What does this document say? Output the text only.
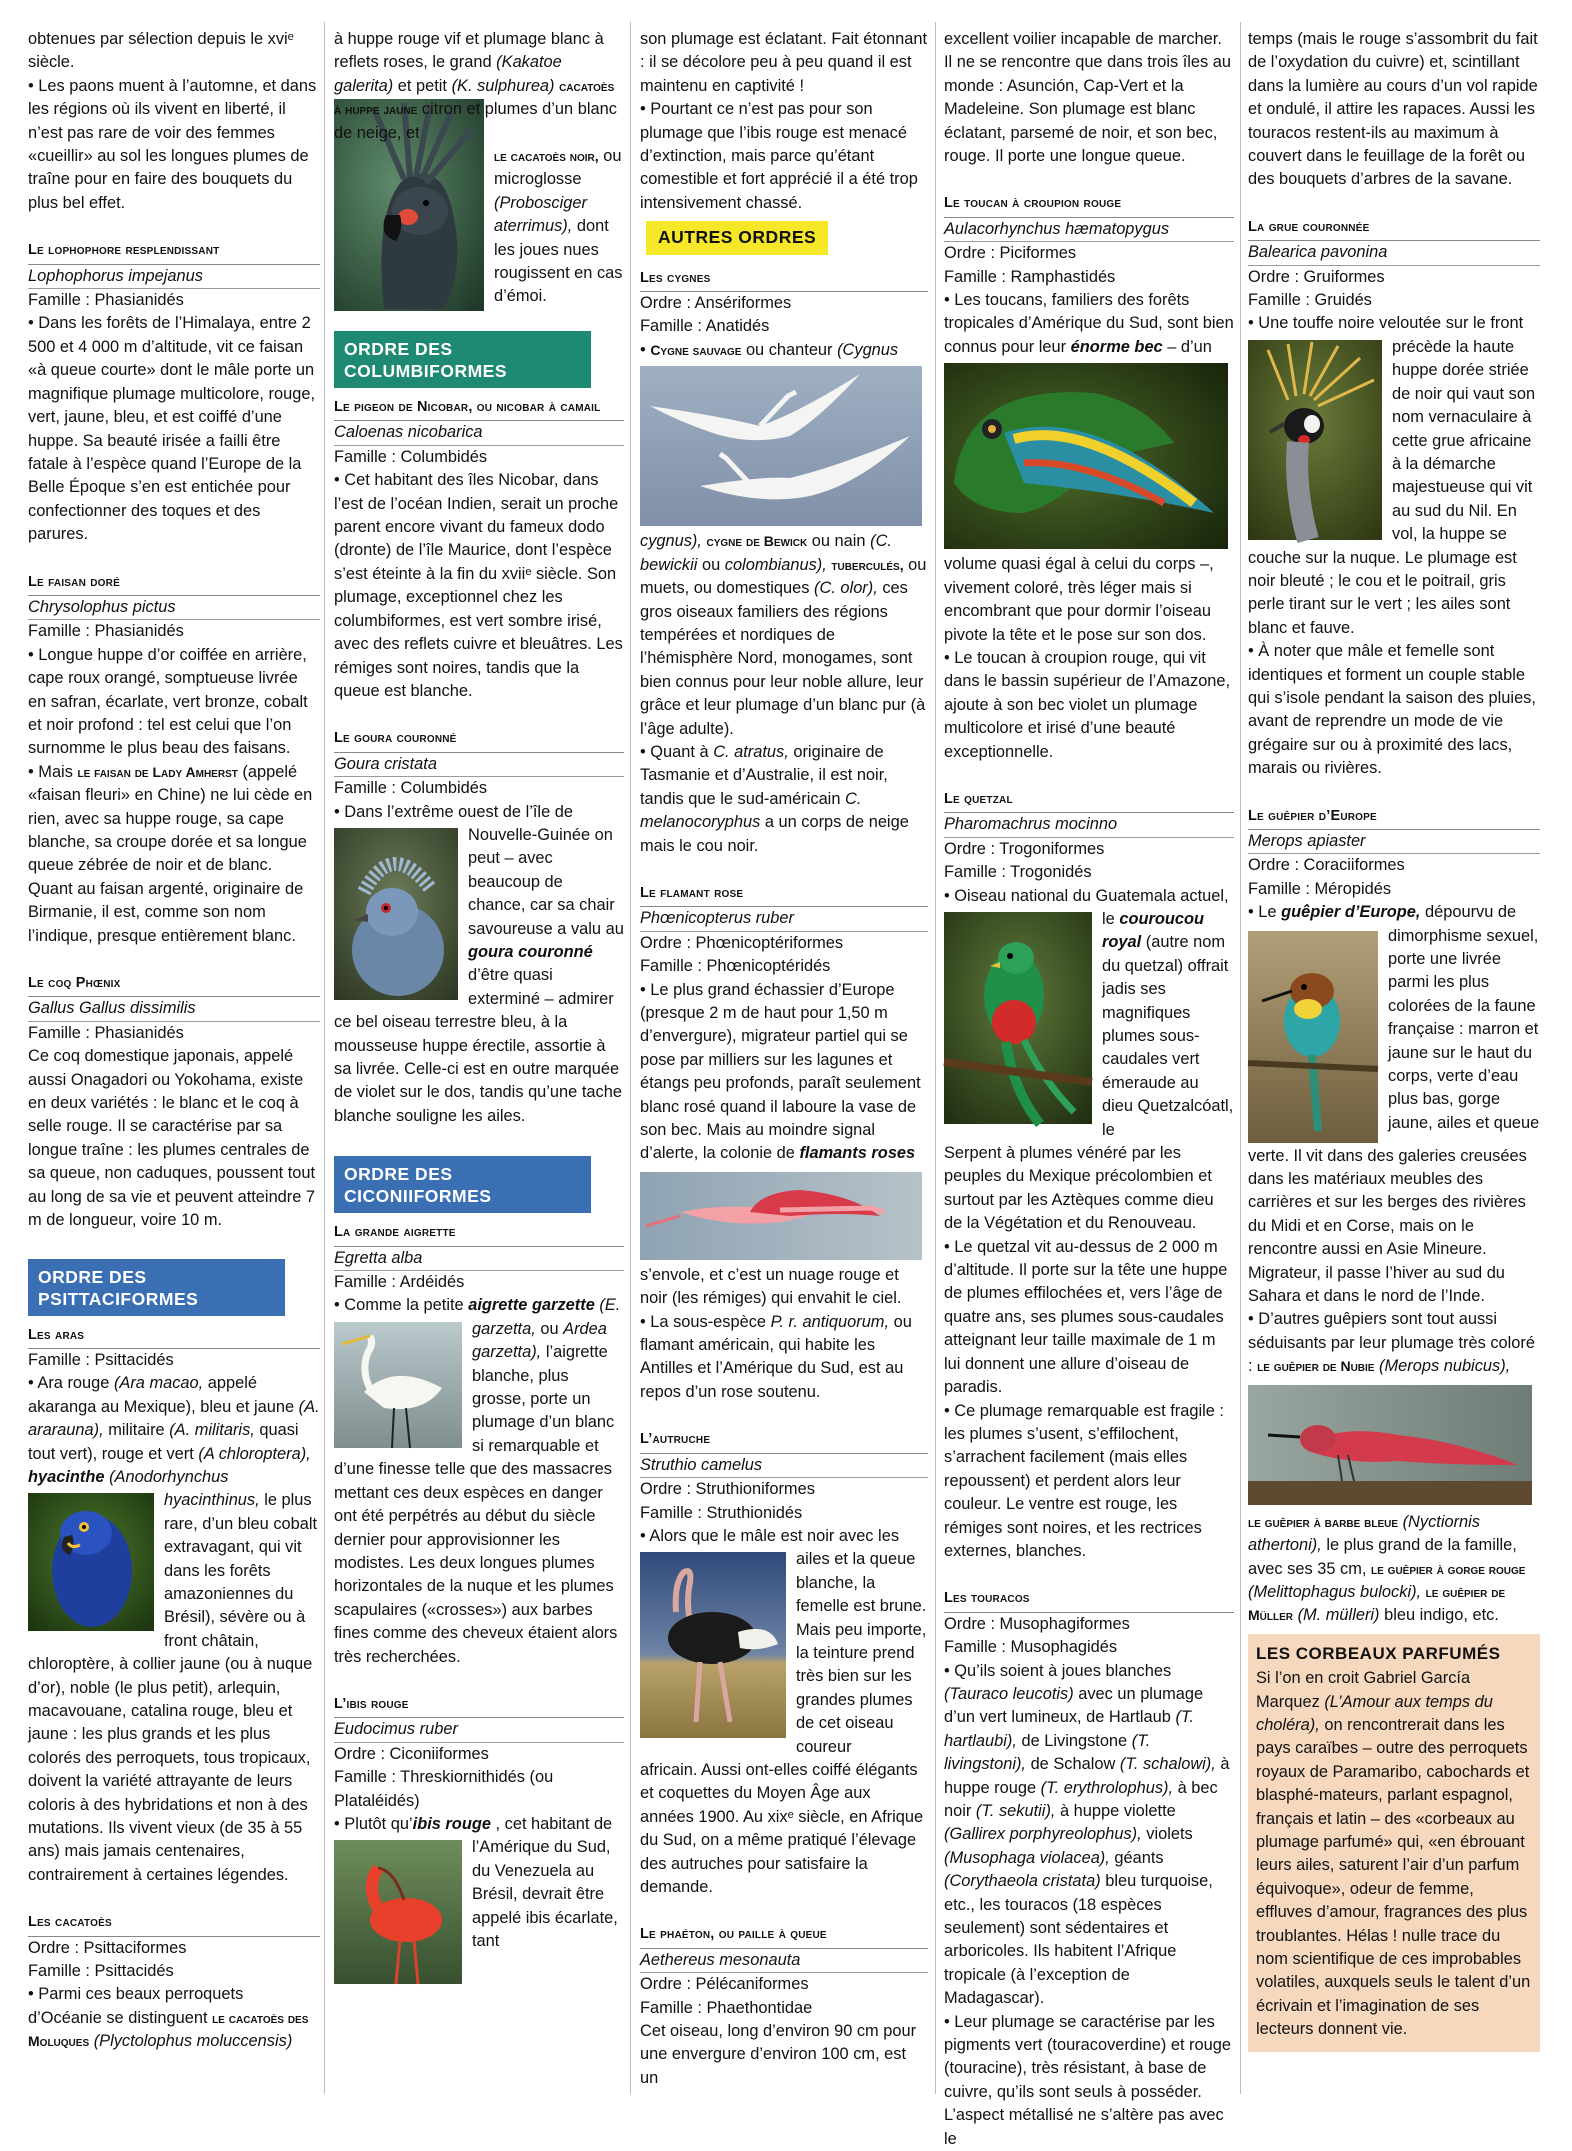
obtenues par sélection depuis le xviᵉ siècle.

• Les paons muent à l’automne, et dans les régions où ils vivent en liberté, il n’est pas rare de voir des femmes «cueillir» au sol les longues plumes de traîne pour en faire des bouquets du plus bel effet.

Le lophophore resplendissant
Lophophorus impejanus
Famille : Phasianidés

• Dans les forêts de l’Himalaya, entre 2 500 et 4 000 m d’altitude, vit ce faisan «à queue courte» dont le mâle porte un magnifique plumage multicolore, rouge, vert, jaune, bleu, et est coiffé d’une huppe. Sa beauté irisée a failli être fatale à l’espèce quand l’Europe de la Belle Époque s’en est entichée pour confectionner des toques et des parures.

Le faisan doré
Chrysolophus pictus
Famille : Phasianidés

• Longue huppe d’or coiffée en arrière, cape roux orangé, somptueuse livrée en safran, écarlate, vert bronze, cobalt et noir profond : tel est celui que l’on surnomme le plus beau des faisans.

• Mais le faisan de Lady Amherst (appelé «faisan fleuri» en Chine) ne lui cède en rien, avec sa huppe rouge, sa cape blanche, sa croupe dorée et sa longue queue zébrée de noir et de blanc. Quant au faisan argenté, originaire de Birmanie, il est, comme son nom l’indique, presque entièrement blanc.

Le coq Phœnix
Gallus Gallus dissimilis
Famille : Phasianidés

Ce coq domestique japonais, appelé aussi Onagadori ou Yokohama, existe en deux variétés : le blanc et le coq à selle rouge. Il se caractérise par sa longue traîne : les plumes centrales de sa queue, non caduques, poussent tout au long de sa vie et peuvent atteindre 7 m de longueur, voire 10 m.

ORDRE DES PSITTACIFORMES
Les aras
Famille : Psittacidés

• Ara rouge (Ara macao, appelé akaranga au Mexique), bleu et jaune (A. ararauna), militaire (A. militaris, quasi tout vert), rouge et vert (A chloroptera), hyacinthe (Anodorhynchus hyacinthinus, le plus rare, d’un bleu cobalt extravagant, qui vit dans les forêts amazoniennes du Brésil), sévère ou à front châtain, chloroptère, à collier jaune (ou à nuque d’or), noble (le plus petit), arlequin, macavouane, catalina rouge, bleu et jaune : les plus grands et les plus colorés des perroquets, tous tropicaux, doivent la variété attrayante de leurs coloris à des hybridations et non à des mutations. Ils vivent vieux (de 35 à 55 ans) mais jamais centenaires, contrairement à certaines légendes.

Les cacatoès
Ordre : Psittaciformes
Famille : Psittacidés

• Parmi ces beaux perroquets d’Océanie se distinguent le cacatoès des Moluques (Plyctolophus moluccensis)

à huppe rouge vif et plumage blanc à reflets roses, le grand (Kakatoe galerita) et petit (K. sulphurea) cacatoès à huppe jaune citron et plumes d’un blanc de neige, et

le cacatoès noir, ou microglosse (Probosciger aterrimus), dont les joues nues rougissent en cas d’émoi.

ORDRE DES COLUMBIFORMES
Le pigeon de Nicobar, ou nicobar à camail
Caloenas nicobarica
Famille : Columbidés

• Cet habitant des îles Nicobar, dans l’est de l’océan Indien, serait un proche parent encore vivant du fameux dodo (dronte) de l’île Maurice, dont l’espèce s’est éteinte à la fin du xviiᵉ siècle. Son plumage, exceptionnel chez les columbiformes, est vert sombre irisé, avec des reflets cuivre et bleuâtres. Les rémiges sont noires, tandis que la queue est blanche.

Le goura couronné
Goura cristata
Famille : Columbidés

• Dans l’extrême ouest de l’île de

Nouvelle-Guinée on peut – avec beaucoup de chance, car sa chair savoureuse a valu au goura couronné d’être quasi exterminé – admirer ce bel oiseau terrestre bleu, à la mousseuse huppe érectile, assortie à sa livrée. Celle-ci est en outre marquée de violet sur le dos, tandis qu’une tache blanche souligne les ailes.

ORDRE DES CICONIIFORMES
La grande aigrette
Egretta alba
Famille : Ardéidés

• Comme la petite aigrette garzette (E. garzetta, ou Ardea garzetta), l’aigrette blanche, plus grosse, porte un plumage d’un blanc si remarquable et d’une finesse telle que des massacres mettant ces deux espèces en danger ont été perpétrés au début du siècle dernier pour approvisionner les modistes. Les deux longues plumes horizontales de la nuque et les plumes scapulaires («crosses») aux barbes fines comme des cheveux étaient alors très recherchées.

L’ibis rouge
Eudocimus ruber
Ordre : Ciconiiformes
Famille : Threskiornithidés (ou Plataléidés)

• Plutôt qu’ibis rouge , cet habitant de l’Amérique du Sud, du Venezuela au Brésil, devrait être appelé ibis écarlate, tant

son plumage est éclatant. Fait étonnant : il se décolore peu à peu quand il est maintenu en captivité !

• Pourtant ce n’est pas pour son plumage que l’ibis rouge est menacé d’extinction, mais parce qu’étant comestible et fort apprécié il a été trop intensivement chassé.

AUTRES ORDRES
Les cygnes
Ordre : Ansériformes
Famille : Anatidés

• Cygne sauvage ou chanteur (Cygnus

cygnus), cygne de Bewick ou nain (C. bewickii ou colombianus), tuberculés, ou muets, ou domestiques (C. olor), ces gros oiseaux familiers des régions tempérées et nordiques de l’hémisphère Nord, monogames, sont bien connus pour leur noble allure, leur grâce et leur plumage d’un blanc pur (à l’âge adulte).

• Quant à C. atratus, originaire de Tasmanie et d’Australie, il est noir, tandis que le sud-américain C. melanocoryphus a un corps de neige mais le cou noir.

Le flamant rose
Phœnicopterus ruber
Ordre : Phœnicoptériformes
Famille : Phœnicoptéridés

• Le plus grand échassier d’Europe (presque 2 m de haut pour 1,50 m d’envergure), migrateur partiel qui se pose par milliers sur les lagunes et étangs peu profonds, paraît seulement blanc rosé quand il laboure la vase de son bec. Mais au moindre signal d’alerte, la colonie de flamants roses

s’envole, et c’est un nuage rouge et noir (les rémiges) qui envahit le ciel.

• La sous-espèce P. r. antiquorum, ou flamant américain, qui habite les Antilles et l’Amérique du Sud, est au repos d’un rose soutenu.

L’autruche
Struthio camelus
Ordre : Struthioniformes
Famille : Struthionidés

• Alors que le mâle est noir avec les

ailes et la queue blanche, la femelle est brune. Mais peu importe, la teinture prend très bien sur les grandes plumes de cet oiseau coureur

africain. Aussi ont-elles coiffé élégants et coquettes du Moyen Âge aux années 1900. Au xixᵉ siècle, en Afrique du Sud, on a même pratiqué l’élevage des autruches pour satisfaire la demande.

Le phaéton, ou paille à queue
Aethereus mesonauta
Ordre : Pélécaniformes
Famille : Phaethontidae

Cet oiseau, long d’environ 90 cm pour une envergure d’environ 100 cm, est un

excellent voilier incapable de marcher. Il ne se rencontre que dans trois îles au monde : Asunción, Cap-Vert et la Madeleine. Son plumage est blanc éclatant, parsemé de noir, et son bec, rouge. Il porte une longue queue.

Le toucan à croupion rouge
Aulacorhynchus hæmatopygus
Ordre : Piciformes
Famille : Ramphastidés

• Les toucans, familiers des forêts tropicales d’Amérique du Sud, sont bien connus pour leur énorme bec – d’un

volume quasi égal à celui du corps –, vivement coloré, très léger mais si encombrant que pour dormir l’oiseau pivote la tête et le pose sur son dos.

• Le toucan à croupion rouge, qui vit dans le bassin supérieur de l’Amazone, ajoute à son bec violet un plumage multicolore et irisé d’une beauté exceptionnelle.

Le quetzal
Pharomachrus mocinno
Ordre : Trogoniformes
Famille : Trogonidés

• Oiseau national du Guatemala actuel,

le couroucou royal (autre nom du quetzal) offrait jadis ses magnifiques plumes sous-caudales vert émeraude au dieu Quetzalcóatl, le

Serpent à plumes vénéré par les peuples du Mexique précolombien et surtout par les Aztèques comme dieu de la Végétation et du Renouveau.

• Le quetzal vit au-dessus de 2 000 m d’altitude. Il porte sur la tête une huppe de plumes effilochées et, vers l’âge de quatre ans, ses plumes sous-caudales atteignant leur taille maximale de 1 m lui donnent une allure d’oiseau de paradis.

• Ce plumage remarquable est fragile : les plumes s’usent, s’effilochent, s’arrachent facilement (mais elles repoussent) et perdent alors leur couleur. Le ventre est rouge, les rémiges sont noires, et les rectrices externes, blanches.

Les touracos
Ordre : Musophagiformes
Famille : Musophagidés

• Qu’ils soient à joues blanches (Tauraco leucotis) avec un plumage d’un vert lumineux, de Hartlaub (T. hartlaubi), de Livingstone (T. livingstoni), de Schalow (T. schalowi), à huppe rouge (T. erythrolophus), à bec noir (T. sekutii), à huppe violette (Gallirex porphyreolophus), violets (Musophaga violacea), géants (Corythaeola cristata) bleu turquoise, etc., les touracos (18 espèces seulement) sont sédentaires et arboricoles. Ils habitent l’Afrique tropicale (à l’exception de Madagascar).

• Leur plumage se caractérise par les pigments vert (touracoverdine) et rouge (touracine), très résistant, à base de cuivre, qu’ils sont seuls à posséder. L’aspect métallisé ne s’altère pas avec le

temps (mais le rouge s’assombrit du fait de l’oxydation du cuivre) et, scintillant dans la lumière au cours d’un vol rapide et ondulé, il attire les rapaces. Aussi les touracos restent-ils au maximum à couvert dans le feuillage de la forêt ou des bouquets d’arbres de la savane.

La grue couronnée
Balearica pavonina
Ordre : Gruiformes
Famille : Gruidés

• Une touffe noire veloutée sur le front

précède la haute huppe dorée striée de noir qui vaut son nom vernaculaire à cette grue africaine à la démarche majestueuse qui vit au sud du Nil. En vol, la huppe se

couche sur la nuque. Le plumage est noir bleuté ; le cou et le poitrail, gris perle tirant sur le vert ; les ailes sont blanc et fauve.

• À noter que mâle et femelle sont identiques et forment un couple stable qui s’isole pendant la saison des pluies, avant de reprendre un mode de vie grégaire sur ou à proximité des lacs, marais ou rivières.

Le guêpier d’Europe
Merops apiaster
Ordre : Coraciiformes
Famille : Méropidés

• Le guêpier d’Europe, dépourvu de dimorphisme sexuel, porte une livrée parmi les plus colorées de la faune française : marron et jaune sur le haut du corps, verte d’eau plus bas, gorge jaune, ailes et queue

verte. Il vit dans des galeries creusées dans les matériaux meubles des carrières et sur les berges des rivières du Midi et en Corse, mais on le rencontre aussi en Asie Mineure. Migrateur, il passe l’hiver au sud du Sahara et dans le nord de l’Inde.

• D’autres guêpiers sont tout aussi séduisants par leur plumage très coloré : le guêpier de Nubie (Merops nubicus),

le guêpier à barbe bleue (Nyctiornis athertoni), le plus grand de la famille, avec ses 35 cm, le guêpier à gorge rouge (Melittophagus bulocki), le guêpier de Müller (M. mülleri) bleu indigo, etc.

LES CORBEAUX PARFUMÉS

Si l’on en croit Gabriel García Marquez (L’Amour aux temps du choléra), on rencontrerait dans les pays caraïbes – outre des perroquets royaux de Paramaribo, cabochards et blasphé-mateurs, parlant espagnol, français et latin – des «corbeaux au plumage parfumé» qui, «en ébrouant leurs ailes, saturent l’air d’un parfum équivoque», odeur de femme, effluves d’amour, fragrances des plus troublantes. Hélas ! nulle trace du nom scientifique de ces improbables volatiles, auxquels seuls le talent d’un écrivain et l’imagination de ses lecteurs donnent vie.
